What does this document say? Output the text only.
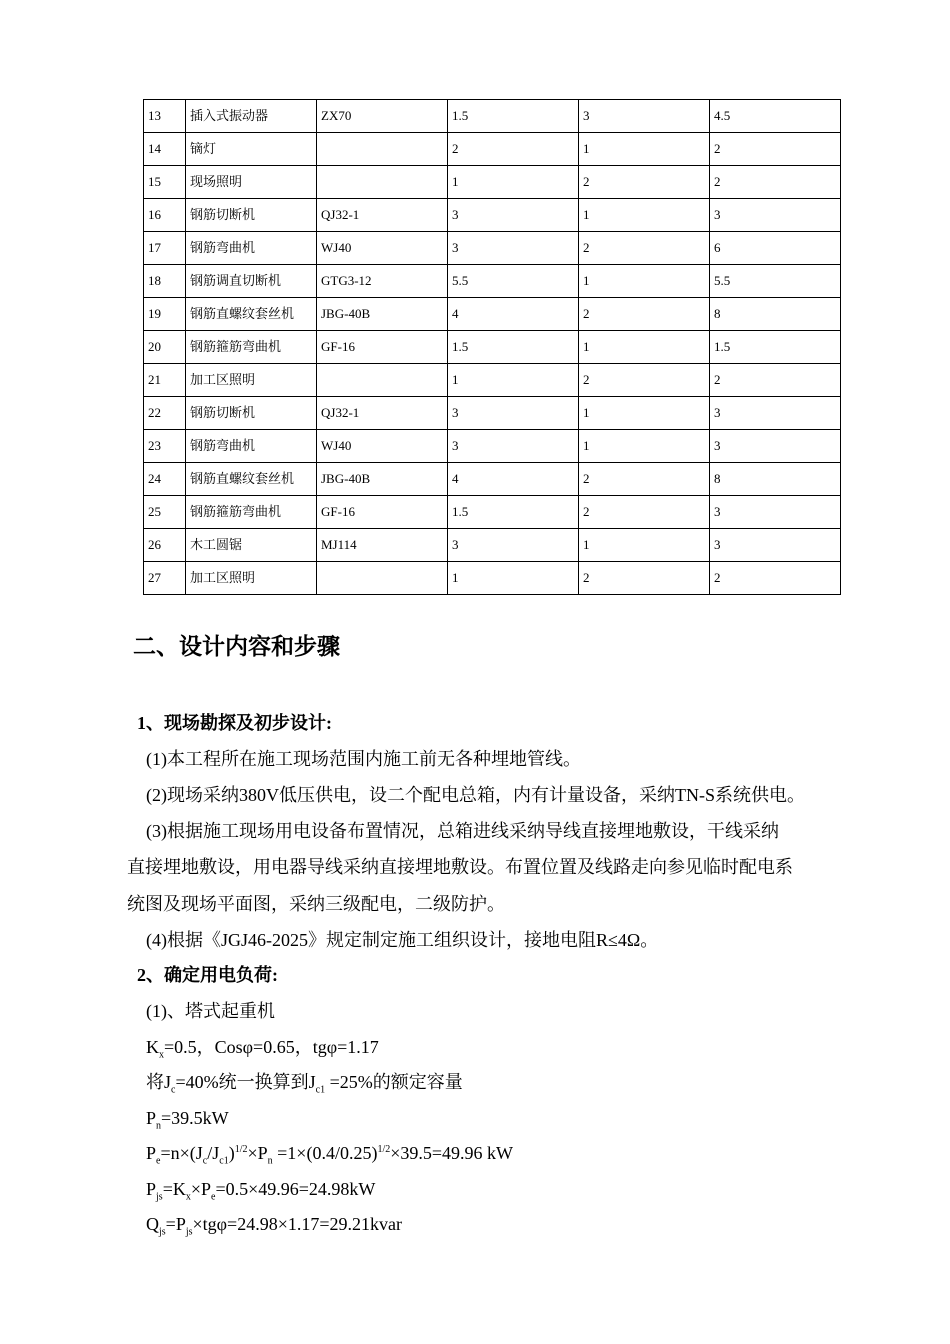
13	插入式振动器	ZX70	1.5	3	4.5
14	镝灯		2	1	2
15	现场照明		1	2	2
16	钢筋切断机	QJ32-1	3	1	3
17	钢筋弯曲机	WJ40	3	2	6
18	钢筋调直切断机	GTG3-12	5.5	1	5.5
19	钢筋直螺纹套丝机	JBG-40B	4	2	8
20	钢筋箍筋弯曲机	GF-16	1.5	1	1.5
21	加工区照明		1	2	2
22	钢筋切断机	QJ32-1	3	1	3
23	钢筋弯曲机	WJ40	3	1	3
24	钢筋直螺纹套丝机	JBG-40B	4	2	8
25	钢筋箍筋弯曲机	GF-16	1.5	2	3
26	木工圆锯	MJ114	3	1	3
27	加工区照明		1	2	2
二、设计内容和步骤
1、现场勘探及初步设计:
(1)本工程所在施工现场范围内施工前无各种埋地管线。
(2)现场采纳380V低压供电，设二个配电总箱，内有计量设备，采纳TN-S系统供电。
(3)根据施工现场用电设备布置情况，总箱进线采纳导线直接埋地敷设，干线采纳
直接埋地敷设，用电器导线采纳直接埋地敷设。布置位置及线路走向参见临时配电系
统图及现场平面图，采纳三级配电，二级防护。
(4)根据《JGJ46-2025》规定制定施工组织设计，接地电阻R≤4Ω。
2、确定用电负荷:
(1)、塔式起重机
$K_x=0.5$，Cosφ=0.65，tgφ=1.17
将$J_c=40\%$统一换算到$J_{c1} =25\%$的额定容量
$P_n=39.5kW$
$P_e=n\times(J_c/J_{c1})^{1/2}\times P_n =1\times(0.4/0.25)^{1/2}\times 39.5=49.96$ kW
$P_{js}=K_x\times P_e=0.5\times 49.96=24.98kW$
$Q_{js}=P_{js}\times tg\varphi=24.98\times 1.17=29.21kvar$
